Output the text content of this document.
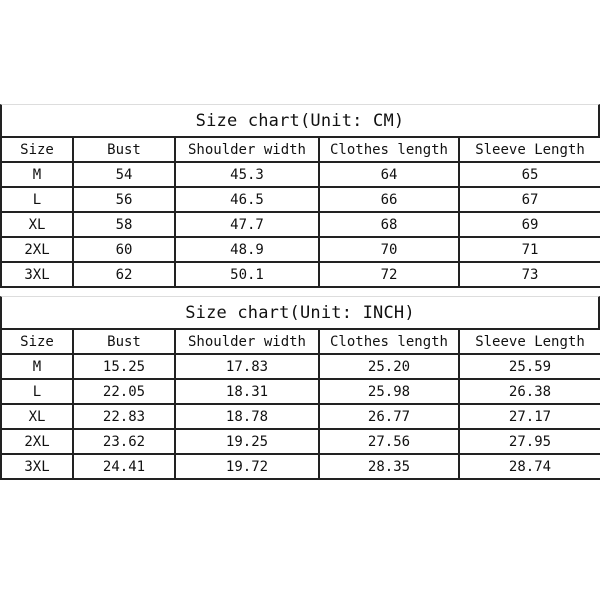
Size chart(Unit: CM)
Size	Bust	Shoulder width	Clothes length	Sleeve Length
M	54	45.3	64	65
L	56	46.5	66	67
XL	58	47.7	68	69
2XL	60	48.9	70	71
3XL	62	50.1	72	73
Size chart(Unit: INCH)
Size	Bust	Shoulder width	Clothes length	Sleeve Length
M	15.25	17.83	25.20	25.59
L	22.05	18.31	25.98	26.38
XL	22.83	18.78	26.77	27.17
2XL	23.62	19.25	27.56	27.95
3XL	24.41	19.72	28.35	28.74
